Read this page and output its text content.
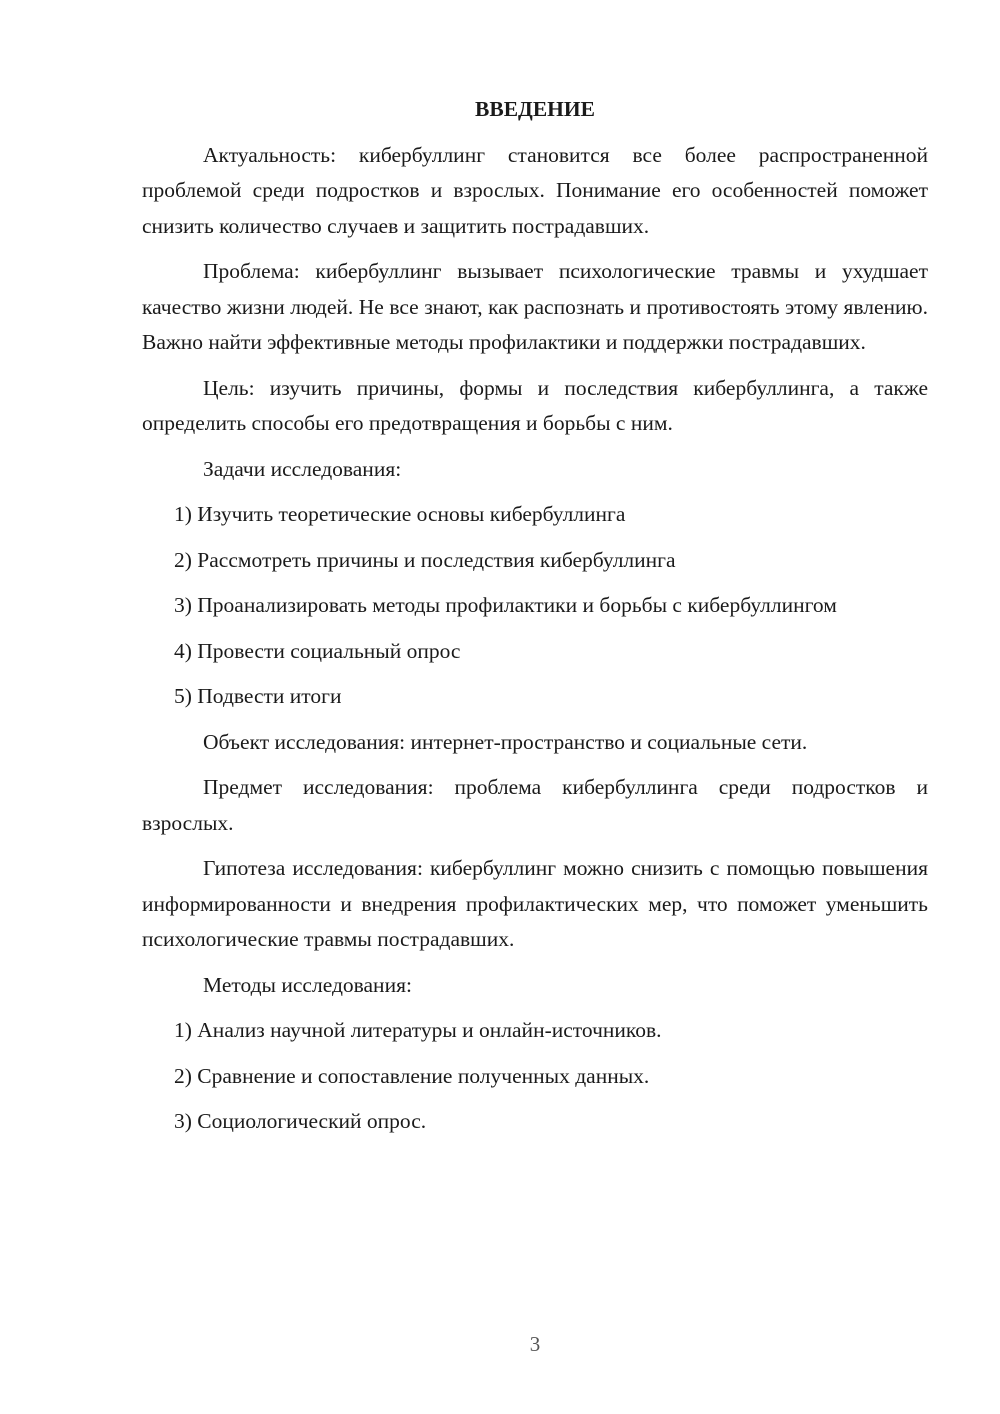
ВВЕДЕНИЕ

Актуальность: кибербуллинг становится все более распространенной проблемой среди подростков и взрослых. Понимание его особенностей поможет снизить количество случаев и защитить пострадавших.

Проблема: кибербуллинг вызывает психологические травмы и ухудшает качество жизни людей. Не все знают, как распознать и противостоять этому явлению. Важно найти эффективные методы профилактики и поддержки пострадавших.

Цель: изучить причины, формы и последствия кибербуллинга, а также определить способы его предотвращения и борьбы с ним.

Задачи исследования:

1) Изучить теоретические основы кибербуллинга

2) Рассмотреть причины и последствия кибербуллинга

3) Проанализировать методы профилактики и борьбы с кибербуллингом

4) Провести социальный опрос

5) Подвести итоги

Объект исследования: интернет-пространство и социальные сети.

Предмет исследования: проблема кибербуллинга среди подростков и взрослых.

Гипотеза исследования: кибербуллинг можно снизить с помощью повышения информированности и внедрения профилактических мер, что поможет уменьшить психологические травмы пострадавших.

Методы исследования:

1) Анализ научной литературы и онлайн-источников.

2) Сравнение и сопоставление полученных данных.

3) Социологический опрос.

3
